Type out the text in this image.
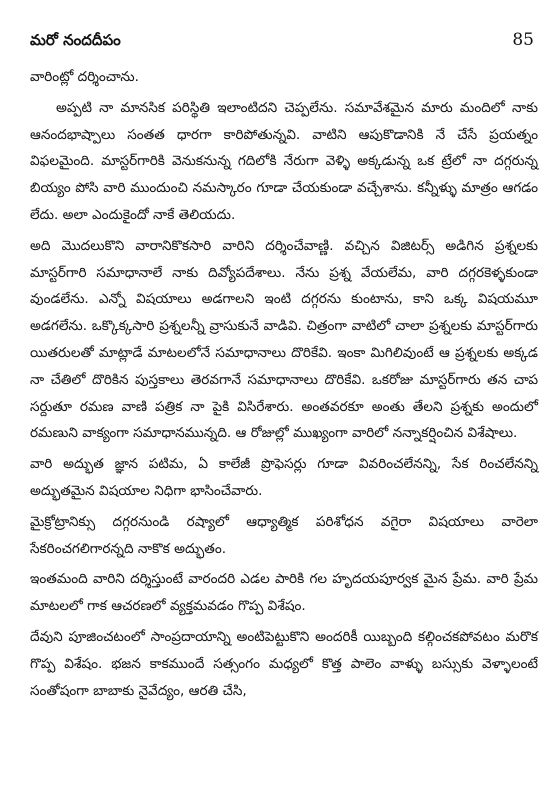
మరో నందదీపం	85

వారింట్లో దర్శించాను.

అప్పటి నా మానసిక పరిస్థితి ఇలాంటిదని చెప్పలేను. సమావేశమైన మారు మందిలో నాకు ఆనందభాష్పాలు సంతత ధారగా కారిపోతున్నవి. వాటిని ఆపుకొడానికి నే చేసే ప్రయత్నం విఫలమైంది. మాస్టర్‌గారికి వెనుకనున్న గదిలోకి నేరుగా వెళ్ళి అక్కడున్న ఒక ట్రేలో నా దగ్గరున్న బియ్యం పోసి వారి ముందుంచి నమస్కారం గూడా చేయకుండా వచ్చేశాను. కన్నీళ్ళు మాత్రం ఆగడం లేదు. అలా ఎందుకైందో నాకే తెలియదు.

అది మొదలుకొని వారానికొకసారి వారిని దర్శించేవాణ్ణి. వచ్చిన విజిటర్స్ అడిగిన ప్రశ్నలకు మాస్టర్‌గారి సమాధానాలే నాకు దివ్యోపదేశాలు. నేను ప్రశ్న వేయలేమ, వారి దగ్గరకెళ్ళకుండా వుండలేను. ఎన్నో విషయాలు అడగాలని ఇంటి దగ్గరను కుంటాను, కాని ఒక్క విషయమూ అడగలేను. ఒక్కొక్కసారి ప్రశ్నలన్నీ వ్రాసుకునే వాడివి. చిత్రంగా వాటిలో చాలా ప్రశ్నలకు మాస్టర్‌గారు యితరులతో మాట్లాడే మాటలలోనే సమాధానాలు దొరికేవి. ఇంకా మిగిలివుంటే ఆ ప్రశ్నలకు అక్కడ నా చేతిలో దొరికిన పుస్తకాలు తెరవగానే సమాధానాలు దొరికేవి. ఒకరోజు మాస్టర్‌గారు తన చాప సర్దుతూ రమణ వాణి పత్రిక నా పైకి విసిరేశారు. అంతవరకూ అంతు తేలని ప్రశ్నకు అందులో రమణుని వాక్యంగా సమాధానమున్నది. ఆ రోజుల్లో ముఖ్యంగా వారిలో నన్నాకర్షించిన విశేషాలు.

వారి అద్భుత జ్ఞాన పటిమ, ఏ కాలేజీ ప్రొఫెసర్లు గూడా వివరించలేనన్ని, సేక రించలేనన్ని అద్భుతమైన విషయాల నిధిగా భాసించేవారు.

మైక్రోట్రానిక్సు దగ్గరనుండి రష్యాలో ఆధ్యాత్మిక పరిశోధన వగైరా విషయాలు వారెలా సేకరించగలిగారన్నది నాకొక అద్భుతం.

ఇంతమంది వారిని దర్శిస్తుంటే వారందరి ఎడల పారికి గల హృదయపూర్వక మైన ప్రేమ. వారి ప్రేమ మాటలలో గాక ఆచరణలో వ్యక్తమవడం గొప్ప విశేషం.

దేవుని పూజించటంలో సాంప్రదాయాన్ని అంటిపెట్టుకొని అందరికీ యిబ్బంది కల్గించకపోవటం మరొక గొప్ప విశేషం. భజన కాకముందే సత్సంగం మధ్యలో కొత్త పాలెం వాళ్ళు బస్సుకు వెళ్ళాలంటే సంతోషంగా బాబాకు నైవేద్యం, ఆరతి చేసి,
